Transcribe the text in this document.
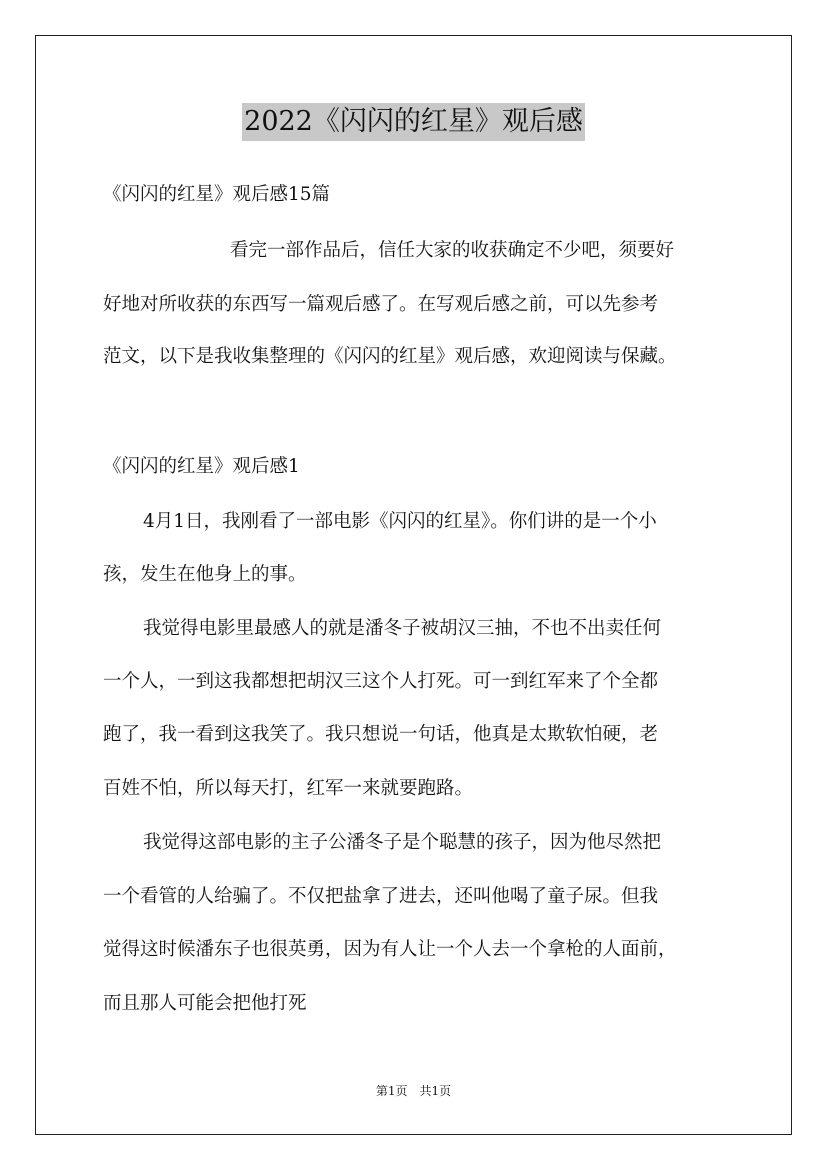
2022《闪闪的红星》观后感
《闪闪的红星》观后感15篇
看完一部作品后，信任大家的收获确定不少吧，须要好
好地对所收获的东西写一篇观后感了。在写观后感之前，可以先参考
范文，以下是我收集整理的《闪闪的红星》观后感，欢迎阅读与保藏。
《闪闪的红星》观后感1
4月1日，我刚看了一部电影《闪闪的红星》。你们讲的是一个小
孩，发生在他身上的事。
我觉得电影里最感人的就是潘冬子被胡汉三抽，不也不出卖任何
一个人，一到这我都想把胡汉三这个人打死。可一到红军来了个全都
跑了，我一看到这我笑了。我只想说一句话，他真是太欺软怕硬，老
百姓不怕，所以每天打，红军一来就要跑路。
我觉得这部电影的主子公潘冬子是个聪慧的孩子，因为他尽然把
一个看管的人给骗了。不仅把盐拿了进去，还叫他喝了童子尿。但我
觉得这时候潘东子也很英勇，因为有人让一个人去一个拿枪的人面前，
而且那人可能会把他打死
第1页　共1页
